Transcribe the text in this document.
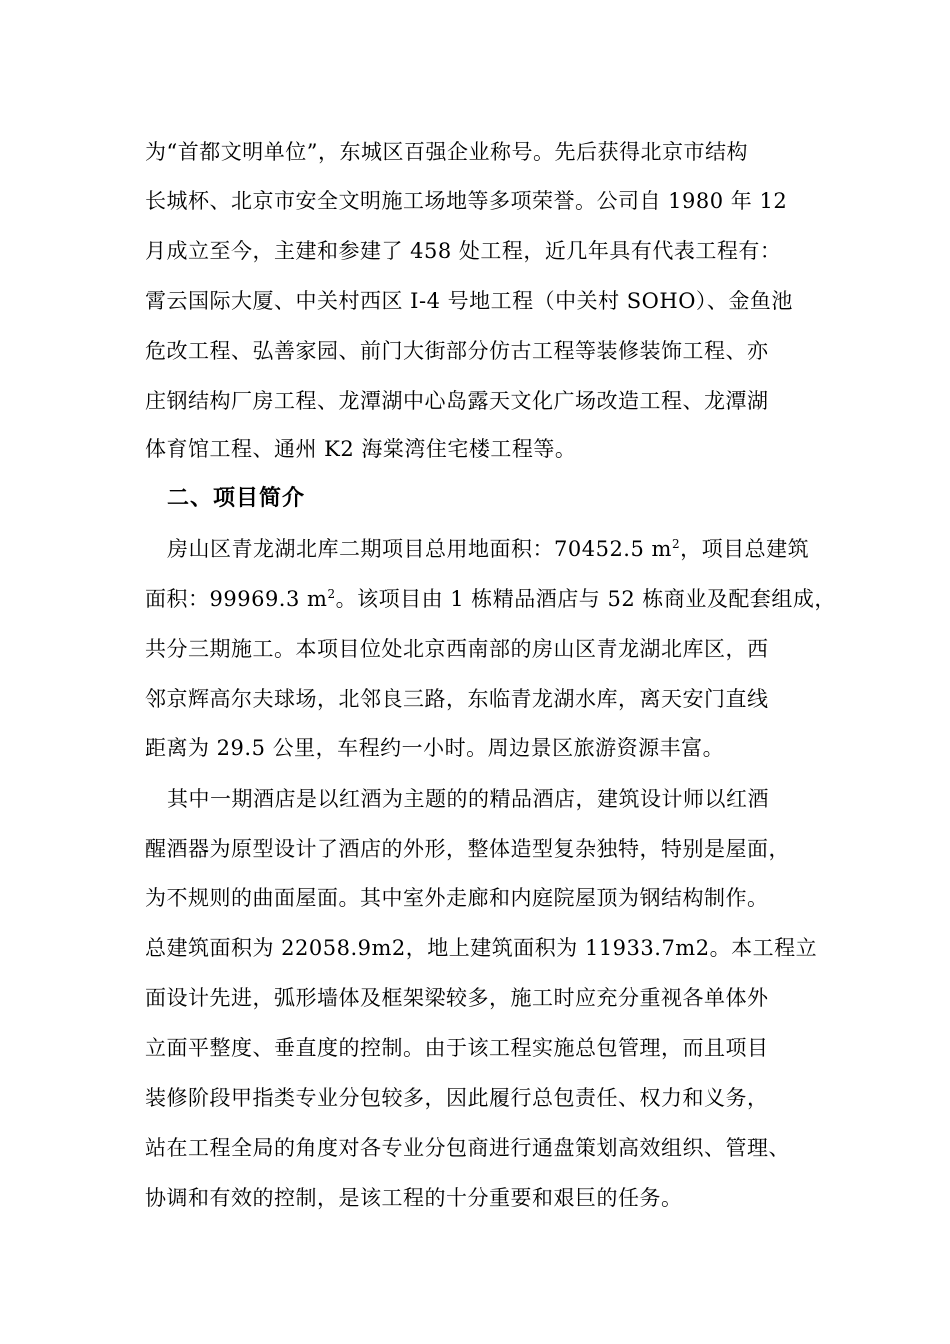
为“首都文明单位”，东城区百强企业称号。先后获得北京市结构
长城杯、北京市安全文明施工场地等多项荣誉。公司自 1980 年 12
月成立至今，主建和参建了 458 处工程，近几年具有代表工程有：
霄云国际大厦、中关村西区 I-4 号地工程（中关村 SOHO）、金鱼池
危改工程、弘善家园、前门大街部分仿古工程等装修装饰工程、亦
庄钢结构厂房工程、龙潭湖中心岛露天文化广场改造工程、龙潭湖
体育馆工程、通州 K2 海棠湾住宅楼工程等。
二、项目简介
房山区青龙湖北库二期项目总用地面积：70452.5 $m^2$，项目总建筑
面积：99969.3 $m^2$。该项目由 1 栋精品酒店与 52 栋商业及配套组成，
共分三期施工。本项目位处北京西南部的房山区青龙湖北库区，西
邻京辉高尔夫球场，北邻良三路，东临青龙湖水库，离天安门直线
距离为 29.5 公里，车程约一小时。周边景区旅游资源丰富。
其中一期酒店是以红酒为主题的的精品酒店，建筑设计师以红酒
醒酒器为原型设计了酒店的外形，整体造型复杂独特，特别是屋面，
为不规则的曲面屋面。其中室外走廊和内庭院屋顶为钢结构制作。
总建筑面积为 22058.9m2，地上建筑面积为 11933.7m2。本工程立
面设计先进，弧形墙体及框架梁较多，施工时应充分重视各单体外
立面平整度、垂直度的控制。由于该工程实施总包管理，而且项目
装修阶段甲指类专业分包较多，因此履行总包责任、权力和义务，
站在工程全局的角度对各专业分包商进行通盘策划高效组织、管理、
协调和有效的控制，是该工程的十分重要和艰巨的任务。
